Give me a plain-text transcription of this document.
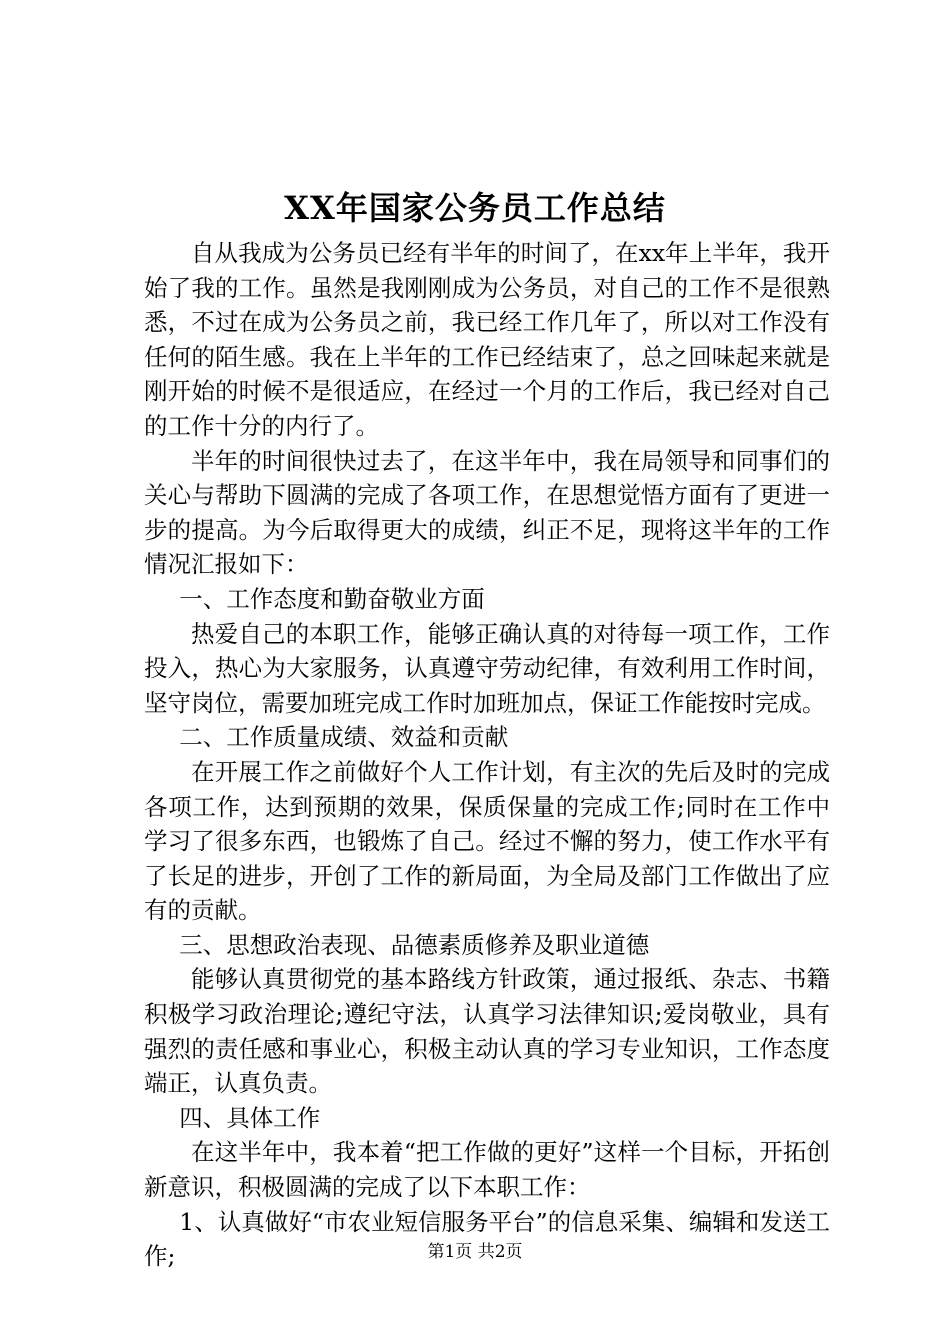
XX年国家公务员工作总结

自从我成为公务员已经有半年的时间了，在xx年上半年，我开始了我的工作。虽然是我刚刚成为公务员，对自己的工作不是很熟悉，不过在成为公务员之前，我已经工作几年了，所以对工作没有任何的陌生感。我在上半年的工作已经结束了，总之回味起来就是刚开始的时候不是很适应，在经过一个月的工作后，我已经对自己的工作十分的内行了。

半年的时间很快过去了，在这半年中，我在局领导和同事们的关心与帮助下圆满的完成了各项工作，在思想觉悟方面有了更进一步的提高。为今后取得更大的成绩，纠正不足，现将这半年的工作情况汇报如下：

一、工作态度和勤奋敬业方面

热爱自己的本职工作，能够正确认真的对待每一项工作，工作投入，热心为大家服务，认真遵守劳动纪律，有效利用工作时间，坚守岗位，需要加班完成工作时加班加点，保证工作能按时完成。

二、工作质量成绩、效益和贡献

在开展工作之前做好个人工作计划，有主次的先后及时的完成各项工作，达到预期的效果，保质保量的完成工作;同时在工作中学习了很多东西，也锻炼了自己。经过不懈的努力，使工作水平有了长足的进步，开创了工作的新局面，为全局及部门工作做出了应有的贡献。

三、思想政治表现、品德素质修养及职业道德

能够认真贯彻党的基本路线方针政策，通过报纸、杂志、书籍积极学习政治理论;遵纪守法，认真学习法律知识;爱岗敬业，具有强烈的责任感和事业心，积极主动认真的学习专业知识，工作态度端正，认真负责。

四、具体工作

在这半年中，我本着“把工作做的更好”这样一个目标，开拓创新意识，积极圆满的完成了以下本职工作：

1、认真做好“市农业短信服务平台”的信息采集、编辑和发送工作;	第1页 共2页
